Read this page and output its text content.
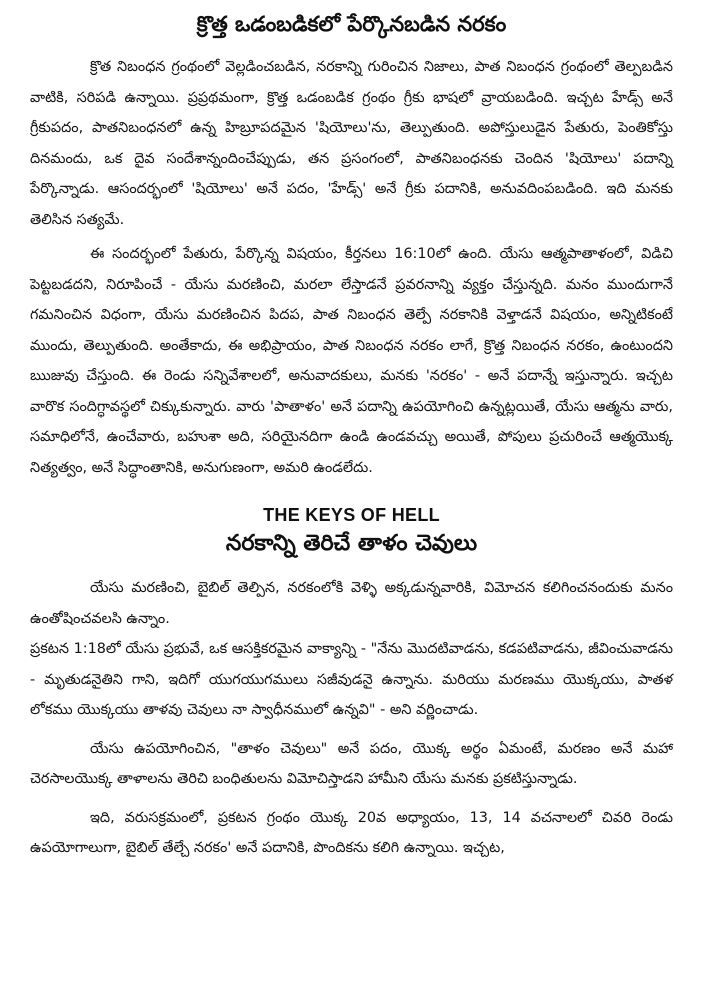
క్రొత్త ఒడంబడికలో పేర్కొనబడిన నరకం

క్రొత నిబంధన గ్రంథంలో వెల్లడించబడిన, నరకాన్ని గురించిన నిజాలు, పాత నిబంధన గ్రంథంలో తెల్పబడిన వాటికి, సరిపడి ఉన్నాయి. ప్రప్రథమంగా, క్రొత్త ఒడంబడిక గ్రంథం గ్రీకు భాషలో వ్రాయబడింది. ఇచ్చట హేడ్స్ అనే గ్రీకుపదం, పాతనిబంధనలో ఉన్న హిబ్రూపదమైన 'షియోలు'ను, తెల్పుతుంది. అపోస్తులుడైన పేతురు, పెంతికోస్తు దినమందు, ఒక దైవ సందేశాన్నందించేప్పుడు, తన ప్రసంగంలో, పాతనిబంధనకు చెందిన 'షియోలు' పదాన్ని పేర్కొన్నాడు. ఆసందర్భంలో 'షియోలు' అనే పదం, 'హేడ్స్' అనే గ్రీకు పదానికి, అనువదింపబడింది. ఇది మనకు తెలిసిన సత్యమే.

ఈ సందర్భంలో పేతురు, పేర్కొన్న విషయం, కీర్తనలు 16:10లో ఉంది. యేసు ఆత్మపాతాళంలో, విడిచి పెట్టబడదని, నిరూపించే - యేసు మరణించి, మరలా లేస్తాడనే ప్రవరనాన్ని వ్యక్తం చేస్తున్నది. మనం ముందుగానే గమనించిన విధంగా, యేసు మరణించిన పిదప, పాత నిబంధన తెల్పే నరకానికి వెళ్తాడనే విషయం, అన్నిటికంటే ముందు, తెల్పుతుంది. అంతేకాదు, ఈ అభిప్రాయం, పాత నిబంధన నరకం లాగే, క్రొత్త నిబంధన నరకం, ఉంటుందని ఋజువు చేస్తుంది. ఈ రెండు సన్నివేశాలలో, అనువాదకులు, మనకు 'నరకం' - అనే పదాన్నే ఇస్తున్నారు. ఇచ్చట వారొక సందిగ్ధావస్థలో చిక్కుకున్నారు. వారు 'పాతాళం' అనే పదాన్ని ఉపయోగించి ఉన్నట్లయితే, యేసు ఆత్మను వారు, సమాధిలోనే, ఉంచేవారు, బహుశా అది, సరియైనదిగా ఉండి ఉండవచ్చు అయితే, పోపులు ప్రచురించే ఆత్మయొక్క నిత్యత్వం, అనే సిద్ధాంతానికి, అనుగుణంగా, అమరి ఉండలేదు.

THE KEYS OF HELL
నరకాన్ని తెరిచే తాళం చెవులు

యేసు మరణించి, బైబిల్ తెల్పిన, నరకంలోకి వెళ్ళి అక్కడున్నవారికి, విమోచన కలిగించనందుకు మనం ఉంతోషించవలసి ఉన్నాం.

ప్రకటన 1:18లో యేసు ప్రభువే, ఒక ఆసక్తికరమైన వాక్యాన్ని - "నేను మొదటివాడను, కడపటివాడను, జీవించువాడను - మృతుడనైతిని గాని, ఇదిగో యుగయుగములు సజీవుడనై ఉన్నాను. మరియు మరణము యొక్కయు, పాతళ లోకము యొక్కయు తాళవు చెవులు నా స్వాధీనములో ఉన్నవి" - అని వర్ణించాడు.

యేసు ఉపయోగించిన, "తాళం చెవులు" అనే పదం, యొక్క అర్థం ఏమంటే, మరణం అనే మహా చెరసాలయొక్క తాళాలను తెరిచి బంధితులను విమోచిస్తాడని హామీని యేసు మనకు ప్రకటిస్తున్నాడు.

ఇది, వరుసక్రమంలో, ప్రకటన గ్రంథం యొక్క 20వ అధ్యాయం, 13, 14 వచనాలలో చివరి రెండు ఉపయోగాలుగా, బైబిల్ తేల్చే నరకం' అనే పదానికి, పొందికను కలిగి ఉన్నాయి. ఇచ్చట,
